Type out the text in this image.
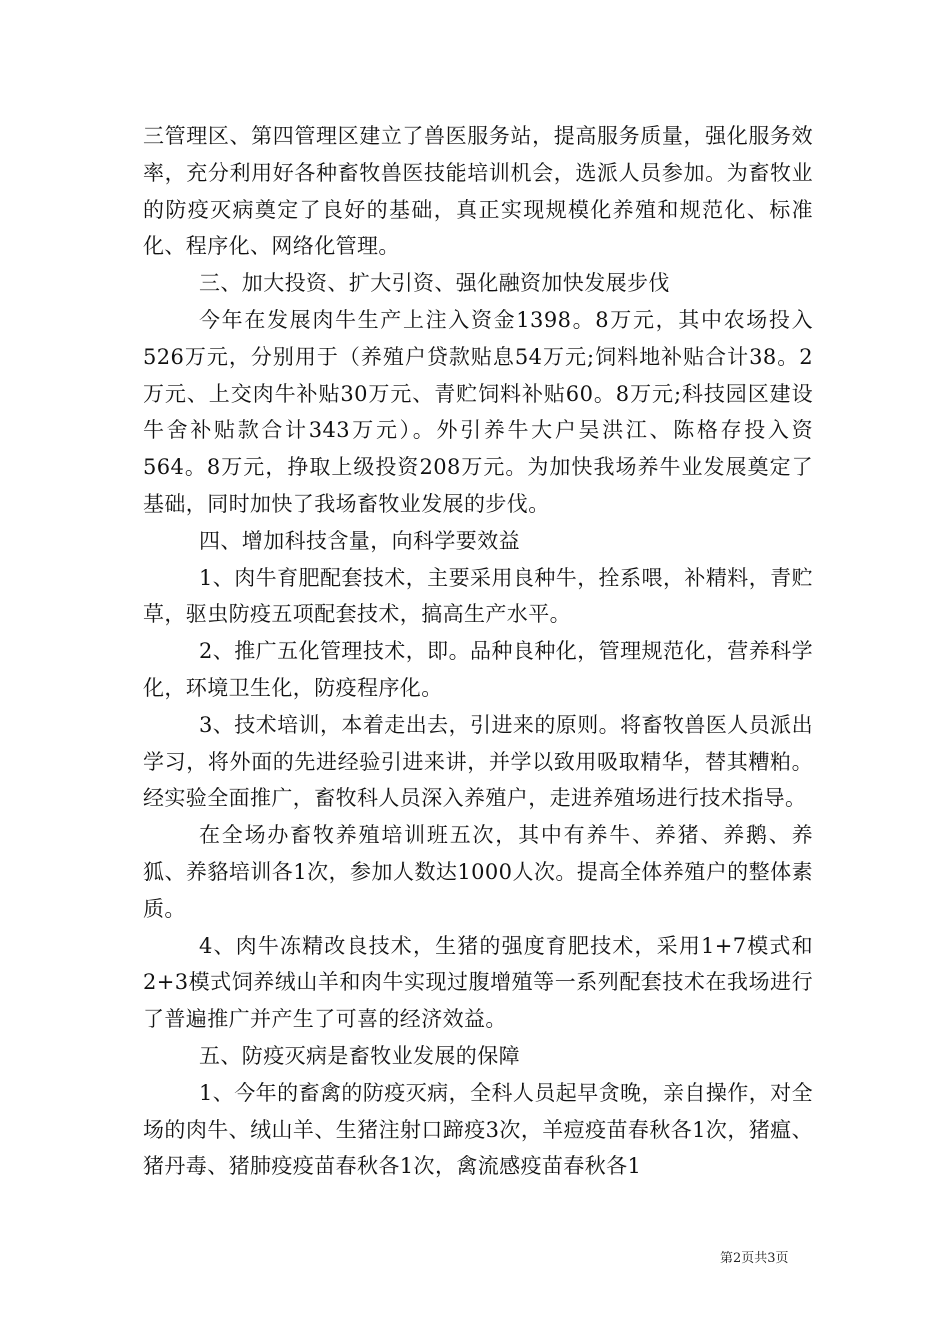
三管理区、第四管理区建立了兽医服务站，提高服务质量，强化服务效率，充分利用好各种畜牧兽医技能培训机会，选派人员参加。为畜牧业的防疫灭病奠定了良好的基础，真正实现规模化养殖和规范化、标准化、程序化、网络化管理。

三、加大投资、扩大引资、强化融资加快发展步伐

今年在发展肉牛生产上注入资金1398。8万元，其中农场投入526万元，分别用于（养殖户贷款贴息54万元;饲料地补贴合计38。2万元、上交肉牛补贴30万元、青贮饲料补贴60。8万元;科技园区建设牛舍补贴款合计343万元）。外引养牛大户吴洪江、陈格存投入资564。8万元，挣取上级投资208万元。为加快我场养牛业发展奠定了基础，同时加快了我场畜牧业发展的步伐。

四、增加科技含量，向科学要效益

1、肉牛育肥配套技术，主要采用良种牛，拴系喂，补精料，青贮草，驱虫防疫五项配套技术，搞高生产水平。

2、推广五化管理技术，即。品种良种化，管理规范化，营养科学化，环境卫生化，防疫程序化。

3、技术培训，本着走出去，引进来的原则。将畜牧兽医人员派出学习，将外面的先进经验引进来讲，并学以致用吸取精华，替其糟粕。经实验全面推广，畜牧科人员深入养殖户，走进养殖场进行技术指导。

在全场办畜牧养殖培训班五次，其中有养牛、养猪、养鹅、养狐、养貉培训各1次，参加人数达1000人次。提高全体养殖户的整体素质。

4、肉牛冻精改良技术，生猪的强度育肥技术，采用1+7模式和2+3模式饲养绒山羊和肉牛实现过腹增殖等一系列配套技术在我场进行了普遍推广并产生了可喜的经济效益。

五、防疫灭病是畜牧业发展的保障

1、今年的畜禽的防疫灭病，全科人员起早贪晚，亲自操作，对全场的肉牛、绒山羊、生猪注射口蹄疫3次，羊痘疫苗春秋各1次，猪瘟、猪丹毒、猪肺疫疫苗春秋各1次，禽流感疫苗春秋各1

第2页共3页
